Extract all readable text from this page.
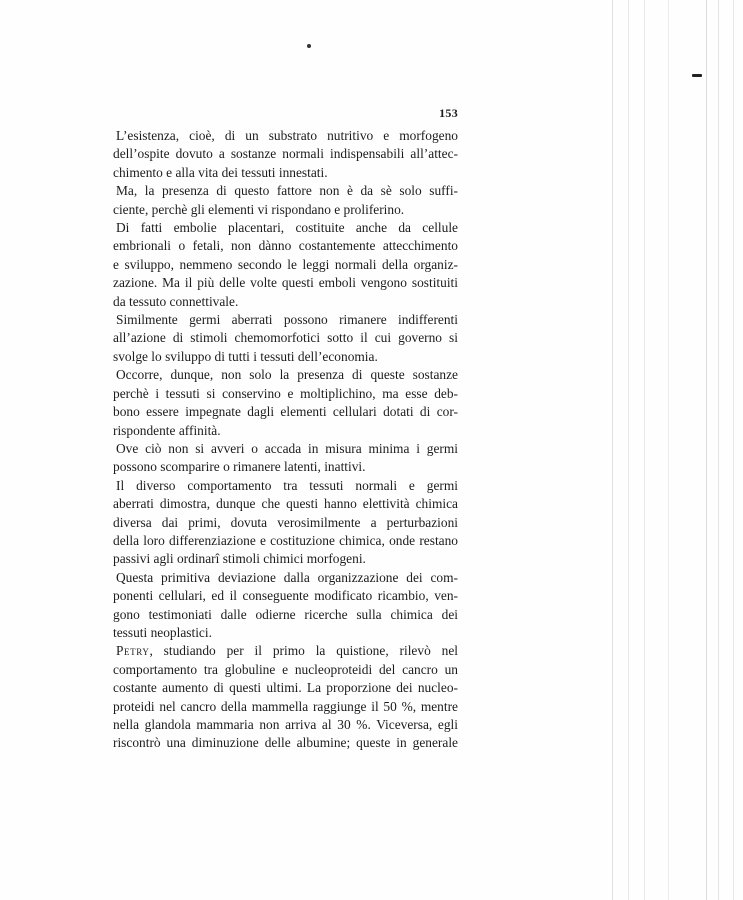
153

L’esistenza, cioè, di un substrato nutritivo e morfogeno
dell’ospite dovuto a sostanze normali indispensabili all’attec-
chimento e alla vita dei tessuti innestati.

Ma, la presenza di questo fattore non è da sè solo suffi-
ciente, perchè gli elementi vi rispondano e proliferino.

Di fatti embolie placentari, costituite anche da cellule
embrionali o fetali, non dànno costantemente attecchimento
e sviluppo, nemmeno secondo le leggi normali della organiz-
zazione. Ma il più delle volte questi emboli vengono sostituiti
da tessuto connettivale.

Similmente germi aberrati possono rimanere indifferenti
all’azione di stimoli chemomorfotici sotto il cui governo si
svolge lo sviluppo di tutti i tessuti dell’economia.

Occorre, dunque, non solo la presenza di queste sostanze
perchè i tessuti si conservino e moltiplichino, ma esse deb-
bono essere impegnate dagli elementi cellulari dotati di cor-
rispondente affinità.

Ove ciò non si avveri o accada in misura minima i germi
possono scomparire o rimanere latenti, inattivi.

Il diverso comportamento tra tessuti normali e germi
aberrati dimostra, dunque che questi hanno elettività chimica
diversa dai primi, dovuta verosimilmente a perturbazioni
della loro differenziazione e costituzione chimica, onde restano
passivi agli ordinarî stimoli chimici morfogeni.

Questa primitiva deviazione dalla organizzazione dei com-
ponenti cellulari, ed il conseguente modificato ricambio, ven-
gono testimoniati dalle odierne ricerche sulla chimica dei
tessuti neoplastici.

Petry, studiando per il primo la quistione, rilevò nel
comportamento tra globuline e nucleoproteidi del cancro un
costante aumento di questi ultimi. La proporzione dei nucleo-
proteidi nel cancro della mammella raggiunge il 50 %, mentre
nella glandola mammaria non arriva al 30 %. Viceversa, egli
riscontrò una diminuzione delle albumine; queste in generale
